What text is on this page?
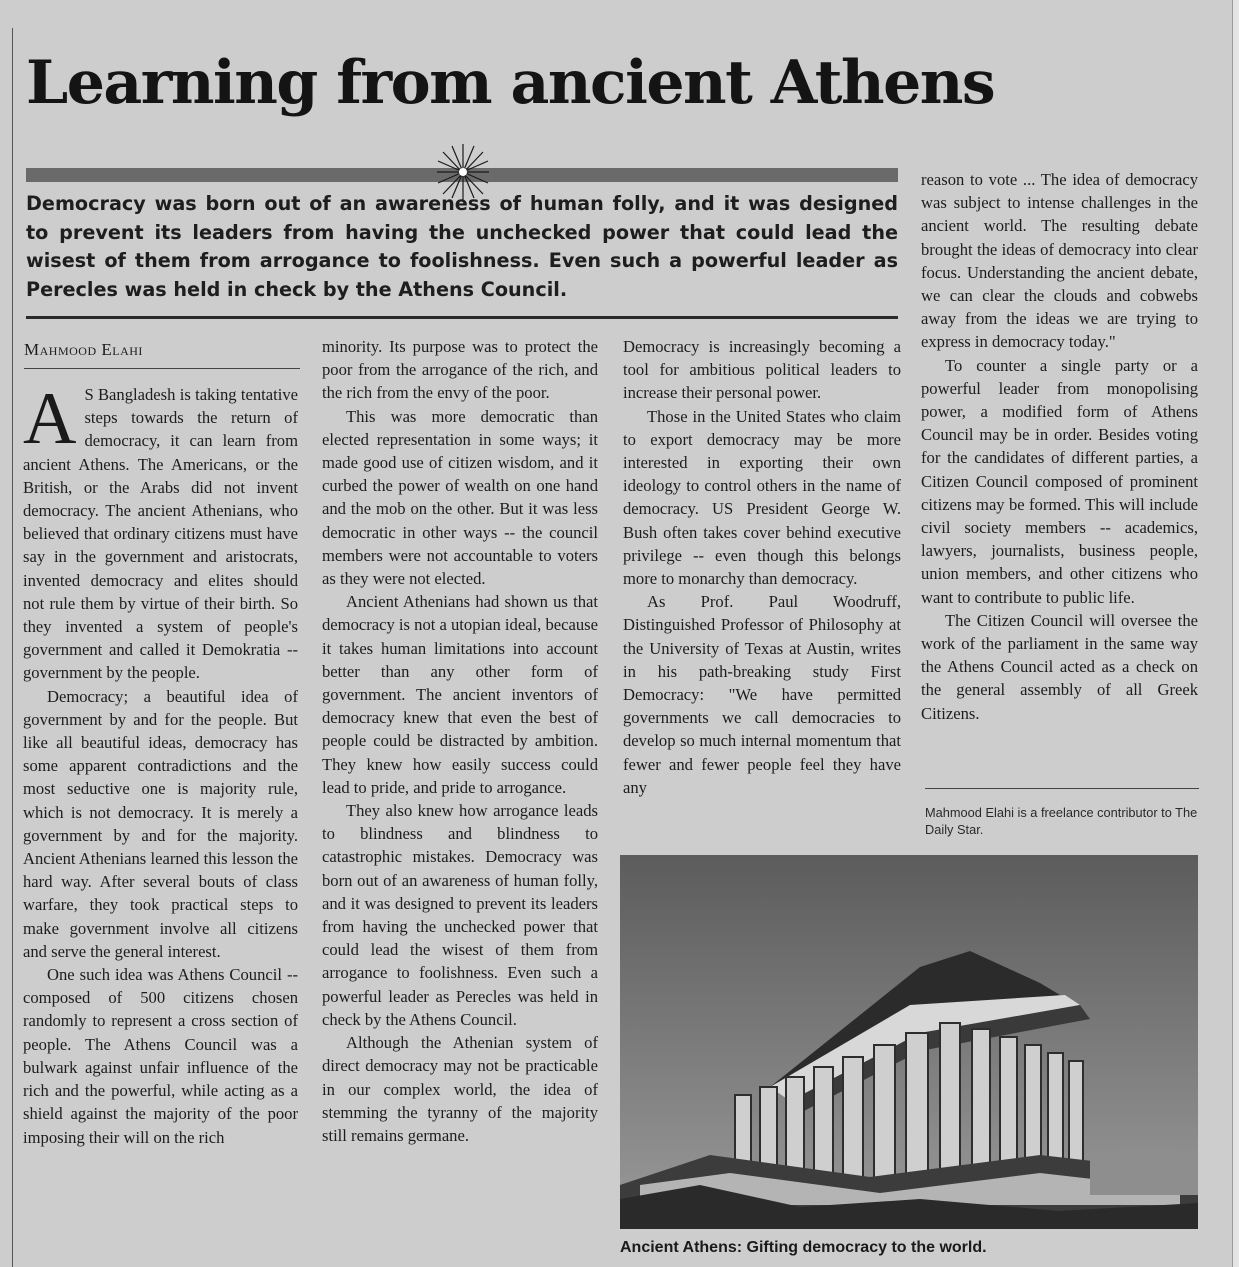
Learning from ancient Athens

Democracy was born out of an awareness of human folly, and it was designed to prevent its leaders from having the unchecked power that could lead the wisest of them from arrogance to foolishness. Even such a powerful leader as Perecles was held in check by the Athens Council.

Mahmood Elahi

A S Bangladesh is taking tentative steps towards the return of democracy, it can learn from ancient Athens. The Americans, or the British, or the Arabs did not invent democracy. The ancient Athenians, who believed that ordinary citizens must have say in the government and aristocrats, invented democracy and elites should not rule them by virtue of their birth. So they invented a system of people's government and called it Demokratia -- government by the people.

Democracy; a beautiful idea of government by and for the people. But like all beautiful ideas, democracy has some apparent contradictions and the most seductive one is majority rule, which is not democracy. It is merely a government by and for the majority. Ancient Athenians learned this lesson the hard way. After several bouts of class warfare, they took practical steps to make government involve all citizens and serve the general interest.

One such idea was Athens Council -- composed of 500 citizens chosen randomly to represent a cross section of people. The Athens Council was a bulwark against unfair influence of the rich and the powerful, while acting as a shield against the majority of the poor imposing their will on the rich

minority. Its purpose was to protect the poor from the arrogance of the rich, and the rich from the envy of the poor.

This was more democratic than elected representation in some ways; it made good use of citizen wisdom, and it curbed the power of wealth on one hand and the mob on the other. But it was less democratic in other ways -- the council members were not accountable to voters as they were not elected.

Ancient Athenians had shown us that democracy is not a utopian ideal, because it takes human limitations into account better than any other form of government. The ancient inventors of democracy knew that even the best of people could be distracted by ambition. They knew how easily success could lead to pride, and pride to arrogance.

They also knew how arrogance leads to blindness and blindness to catastrophic mistakes. Democracy was born out of an awareness of human folly, and it was designed to prevent its leaders from having the unchecked power that could lead the wisest of them from arrogance to foolishness. Even such a powerful leader as Perecles was held in check by the Athens Council.

Although the Athenian system of direct democracy may not be practicable in our complex world, the idea of stemming the tyranny of the majority still remains germane.

Democracy is increasingly becoming a tool for ambitious political leaders to increase their personal power.

Those in the United States who claim to export democracy may be more interested in exporting their own ideology to control others in the name of democracy. US President George W. Bush often takes cover behind executive privilege -- even though this belongs more to monarchy than democracy.

As Prof. Paul Woodruff, Distinguished Professor of Philosophy at the University of Texas at Austin, writes in his path-breaking study First Democracy: "We have permitted governments we call democracies to develop so much internal momentum that fewer and fewer people feel they have any

reason to vote ... The idea of democracy was subject to intense challenges in the ancient world. The resulting debate brought the ideas of democracy into clear focus. Understanding the ancient debate, we can clear the clouds and cobwebs away from the ideas we are trying to express in democracy today."

To counter a single party or a powerful leader from monopolising power, a modified form of Athens Council may be in order. Besides voting for the candidates of different parties, a Citizen Council composed of prominent citizens may be formed. This will include civil society members -- academics, lawyers, journalists, business people, union members, and other citizens who want to contribute to public life.

The Citizen Council will oversee the work of the parliament in the same way the Athens Council acted as a check on the general assembly of all Greek Citizens.

Mahmood Elahi is a freelance contributor to The Daily Star.
Ancient Athens: Gifting democracy to the world.
